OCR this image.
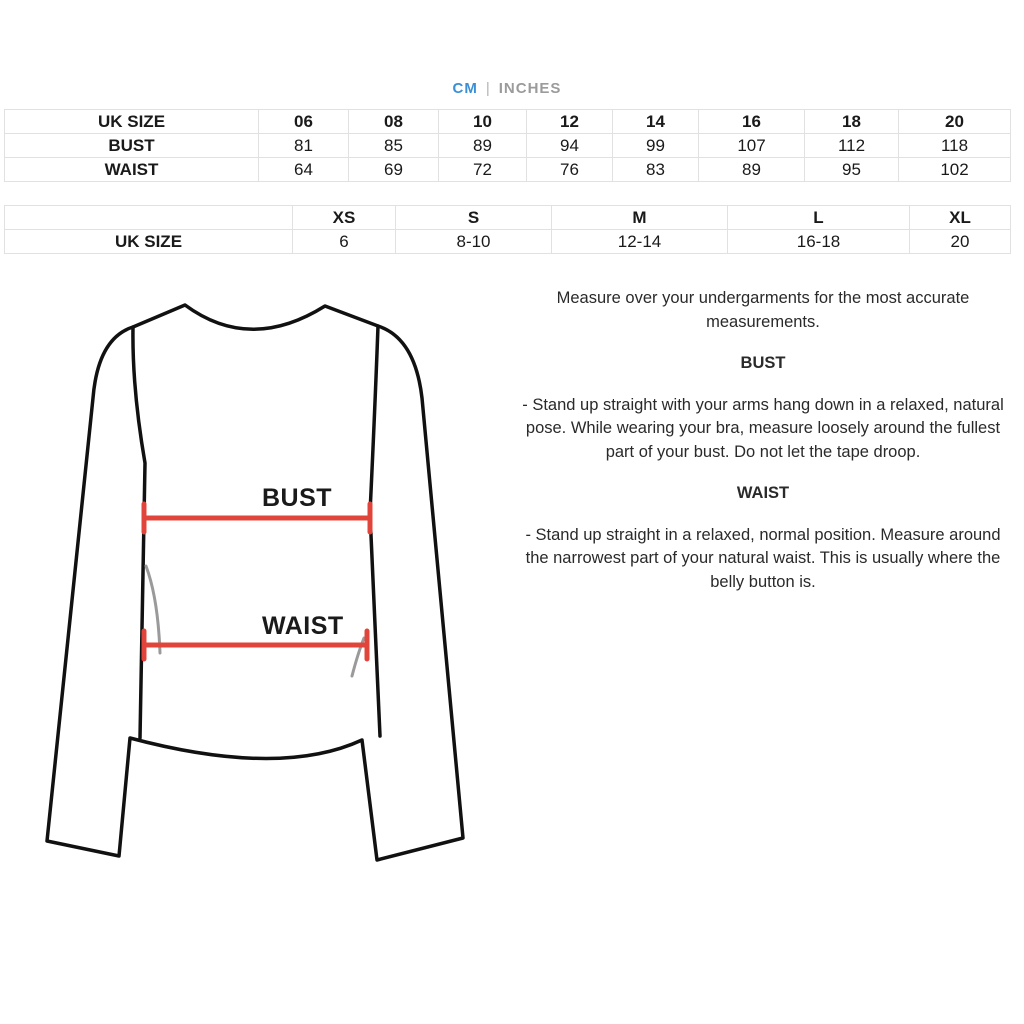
CM | INCHES
UK SIZE	06	08	10	12	14	16	18	20
BUST	81	85	89	94	99	107	112	118
WAIST	64	69	72	76	83	89	95	102
	XS	S	M	L	XL
UK SIZE	6	8-10	12-14	16-18	20
BUST
WAIST

Measure over your undergarments for the most accurate measurements.

BUST

- Stand up straight with your arms hang down in a relaxed, natural pose. While wearing your bra, measure loosely around the fullest part of your bust. Do not let the tape droop.

WAIST

- Stand up straight in a relaxed, normal position. Measure around the narrowest part of your natural waist. This is usually where the belly button is.
